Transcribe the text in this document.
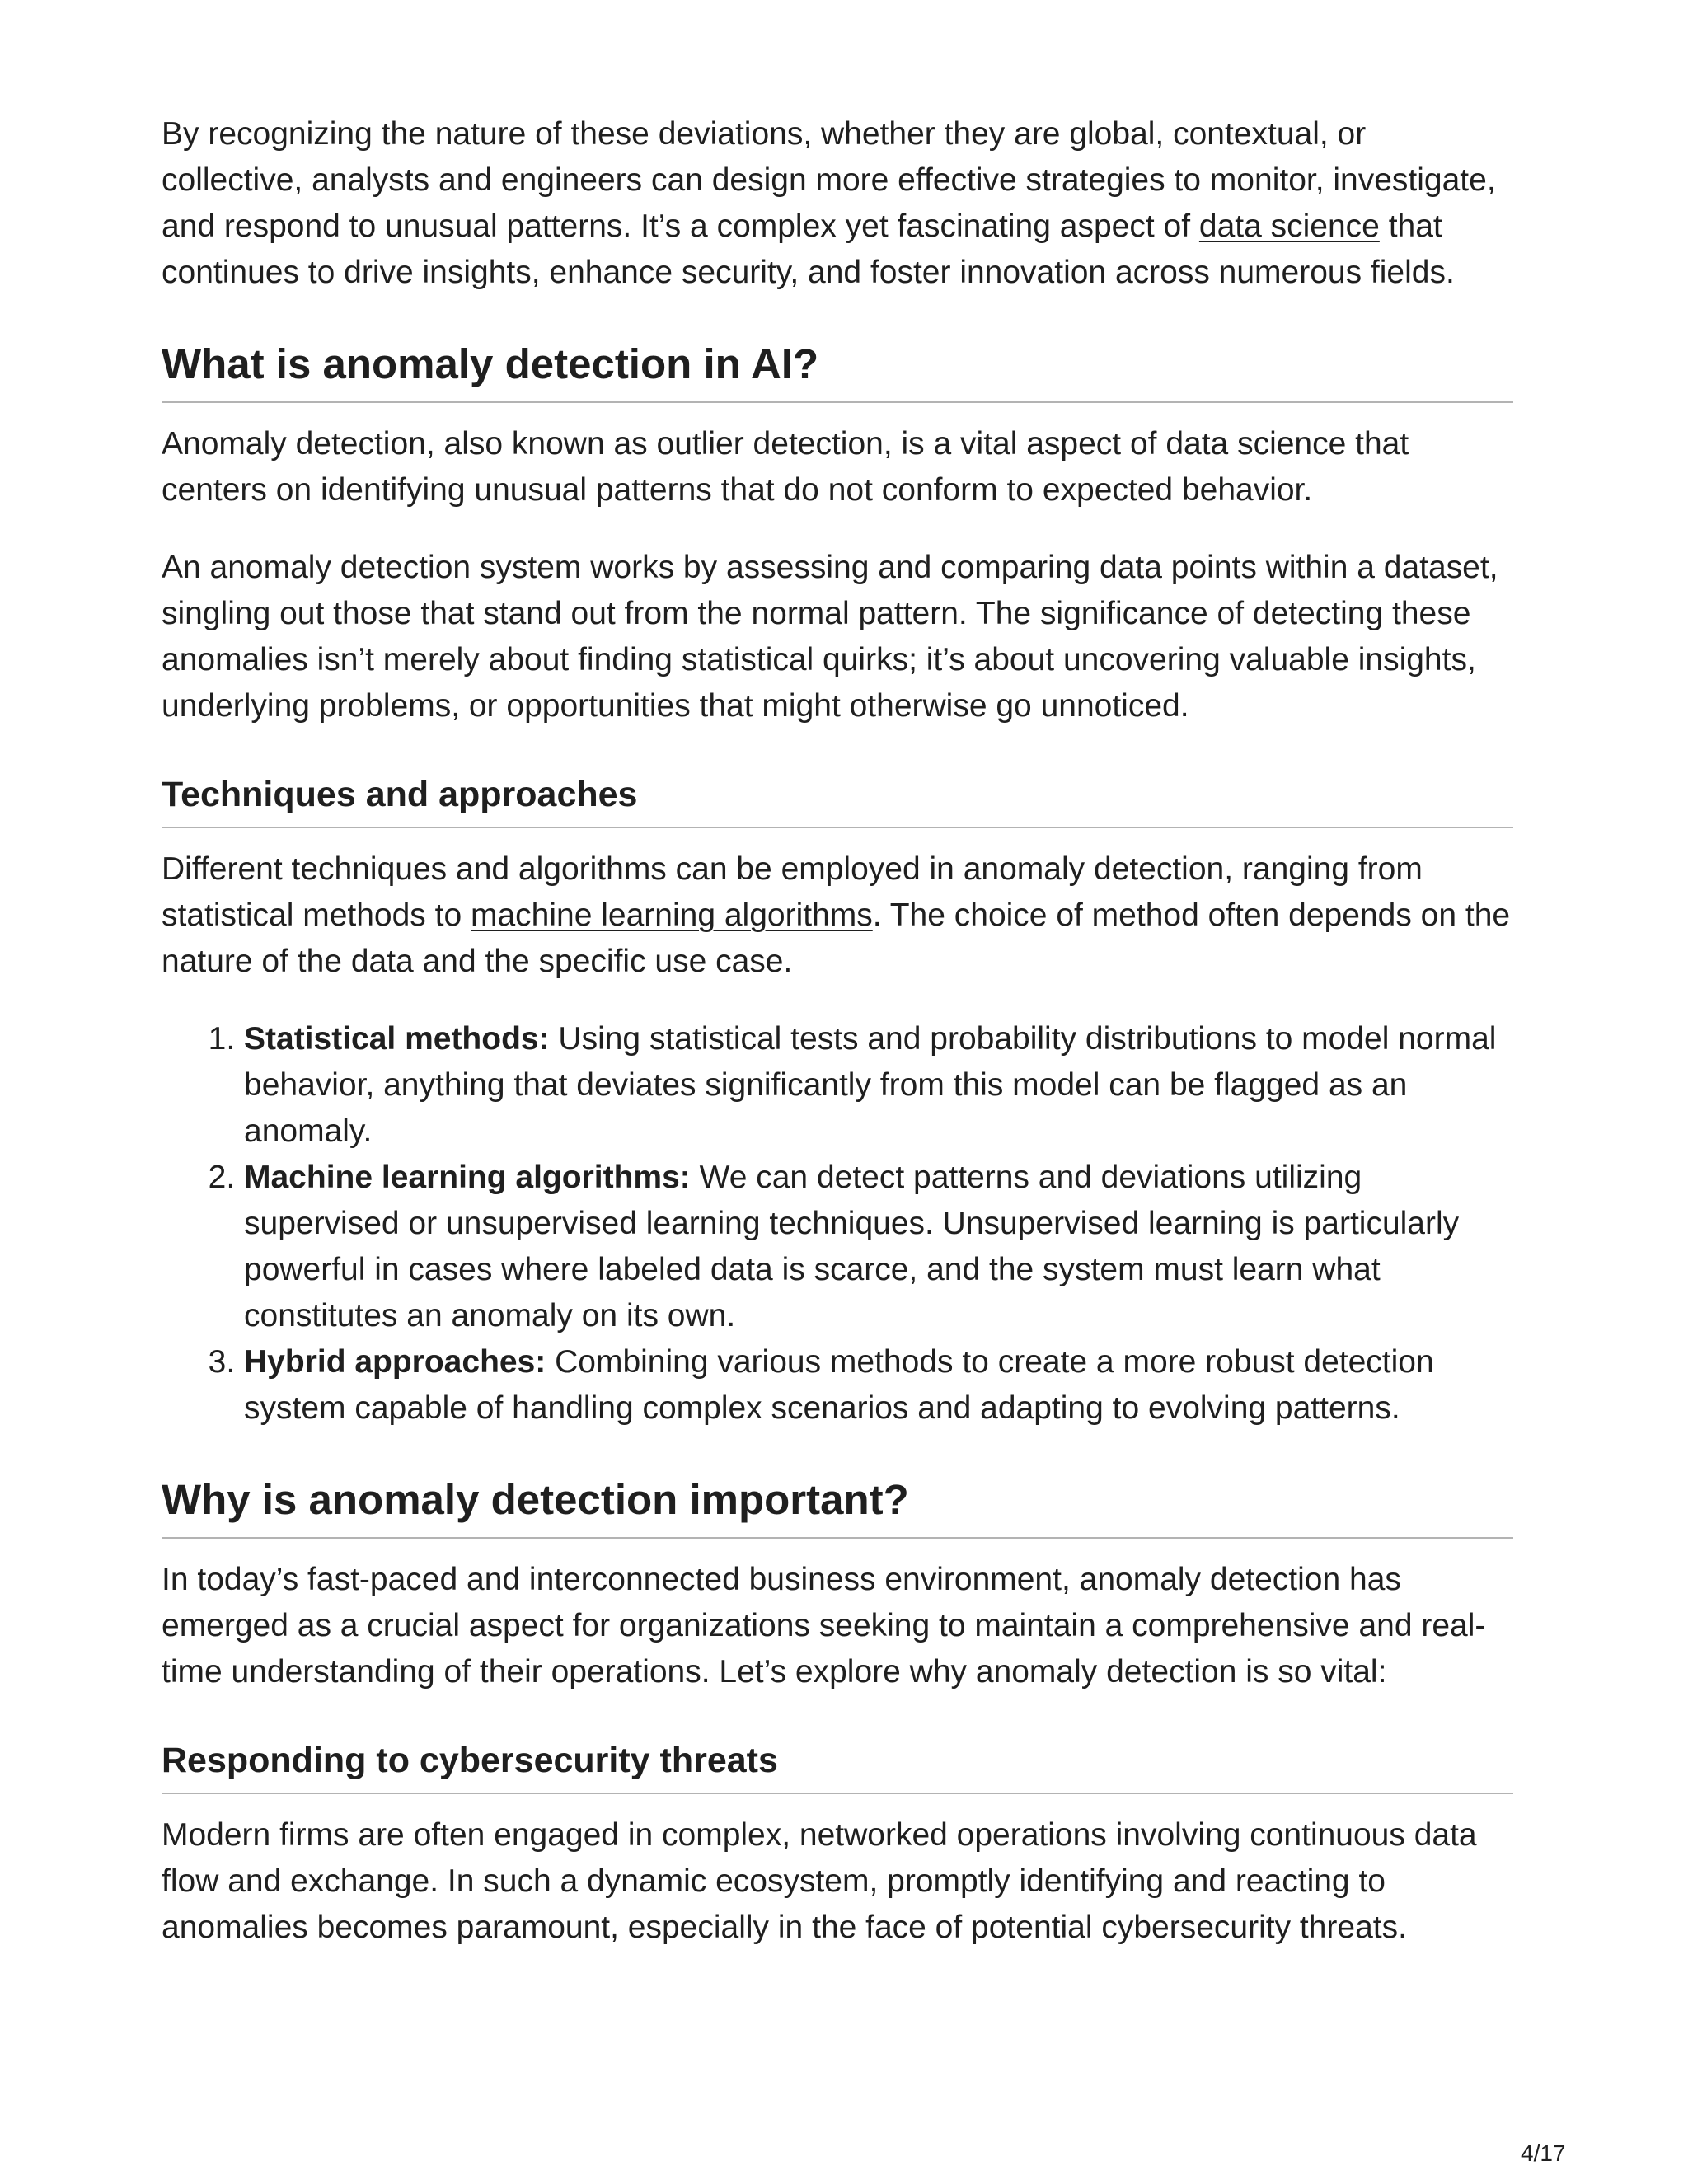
By recognizing the nature of these deviations, whether they are global, contextual, or collective, analysts and engineers can design more effective strategies to monitor, investigate, and respond to unusual patterns. It’s a complex yet fascinating aspect of data science that continues to drive insights, enhance security, and foster innovation across numerous fields.

What is anomaly detection in AI?

Anomaly detection, also known as outlier detection, is a vital aspect of data science that centers on identifying unusual patterns that do not conform to expected behavior.

An anomaly detection system works by assessing and comparing data points within a dataset, singling out those that stand out from the normal pattern. The significance of detecting these anomalies isn’t merely about finding statistical quirks; it’s about uncovering valuable insights, underlying problems, or opportunities that might otherwise go unnoticed.

Techniques and approaches

Different techniques and algorithms can be employed in anomaly detection, ranging from statistical methods to machine learning algorithms. The choice of method often depends on the nature of the data and the specific use case.

1. Statistical methods: Using statistical tests and probability distributions to model normal behavior, anything that deviates significantly from this model can be flagged as an anomaly.
2. Machine learning algorithms: We can detect patterns and deviations utilizing supervised or unsupervised learning techniques. Unsupervised learning is particularly powerful in cases where labeled data is scarce, and the system must learn what constitutes an anomaly on its own.
3. Hybrid approaches: Combining various methods to create a more robust detection system capable of handling complex scenarios and adapting to evolving patterns.
Why is anomaly detection important?

In today’s fast-paced and interconnected business environment, anomaly detection has emerged as a crucial aspect for organizations seeking to maintain a comprehensive and real-time understanding of their operations. Let’s explore why anomaly detection is so vital:

Responding to cybersecurity threats

Modern firms are often engaged in complex, networked operations involving continuous data flow and exchange. In such a dynamic ecosystem, promptly identifying and reacting to anomalies becomes paramount, especially in the face of potential cybersecurity threats.

4/17
